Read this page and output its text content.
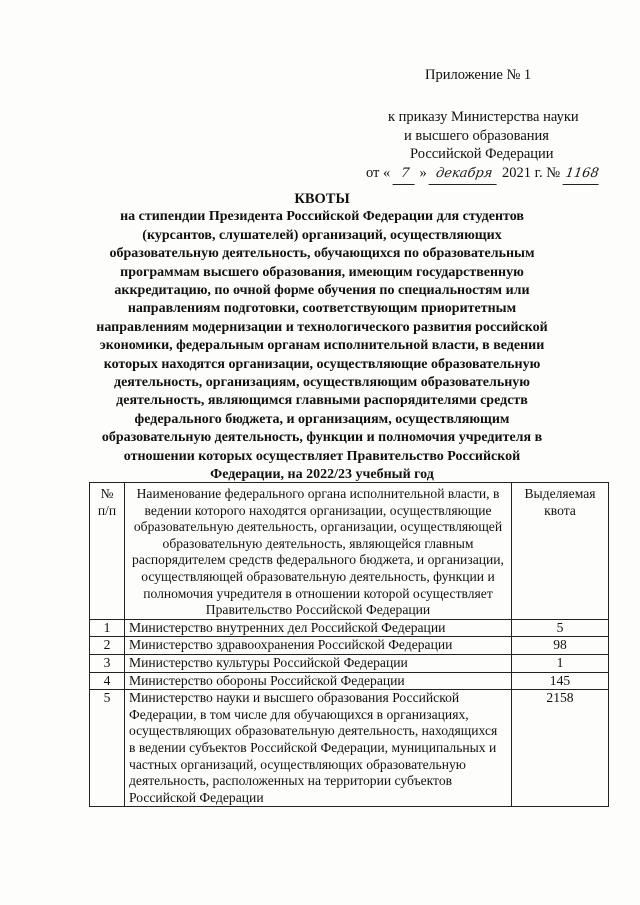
Приложение № 1
к приказу Министерства науки
и высшего образования
Российской Федерации
от « 7 » декабря 2021 г. № 1168
КВОТЫ
на стипендии Президента Российской Федерации для студентов (курсантов, слушателей) организаций, осуществляющих образовательную деятельность, обучающихся по образовательным программам высшего образования, имеющим государственную аккредитацию, по очной форме обучения по специальностям или направлениям подготовки, соответствующим приоритетным направлениям модернизации и технологического развития российской экономики, федеральным органам исполнительной власти, в ведении которых находятся организации, осуществляющие образовательную деятельность, организациям, осуществляющим образовательную деятельность, являющимся главными распорядителями средств федерального бюджета, и организациям, осуществляющим образовательную деятельность, функции и полномочия учредителя в отношении которых осуществляет Правительство Российской Федерации, на 2022/23 учебный год
№ п/п	Наименование федерального органа исполнительной власти, в ведении которого находятся организации, осуществляющие образовательную деятельность, организации, осуществляющей образовательную деятельность, являющейся главным распорядителем средств федерального бюджета, и организации, осуществляющей образовательную деятельность, функции и полномочия учредителя в отношении которой осуществляет Правительство Российской Федерации	Выделяемая квота
1	Министерство внутренних дел Российской Федерации	5
2	Министерство здравоохранения Российской Федерации	98
3	Министерство культуры Российской Федерации	1
4	Министерство обороны Российской Федерации	145
5	Министерство науки и высшего образования Российской Федерации, в том числе для обучающихся в организациях, осуществляющих образовательную деятельность, находящихся в ведении субъектов Российской Федерации, муниципальных и частных организаций, осуществляющих образовательную деятельность, расположенных на территории субъектов Российской Федерации	2158
